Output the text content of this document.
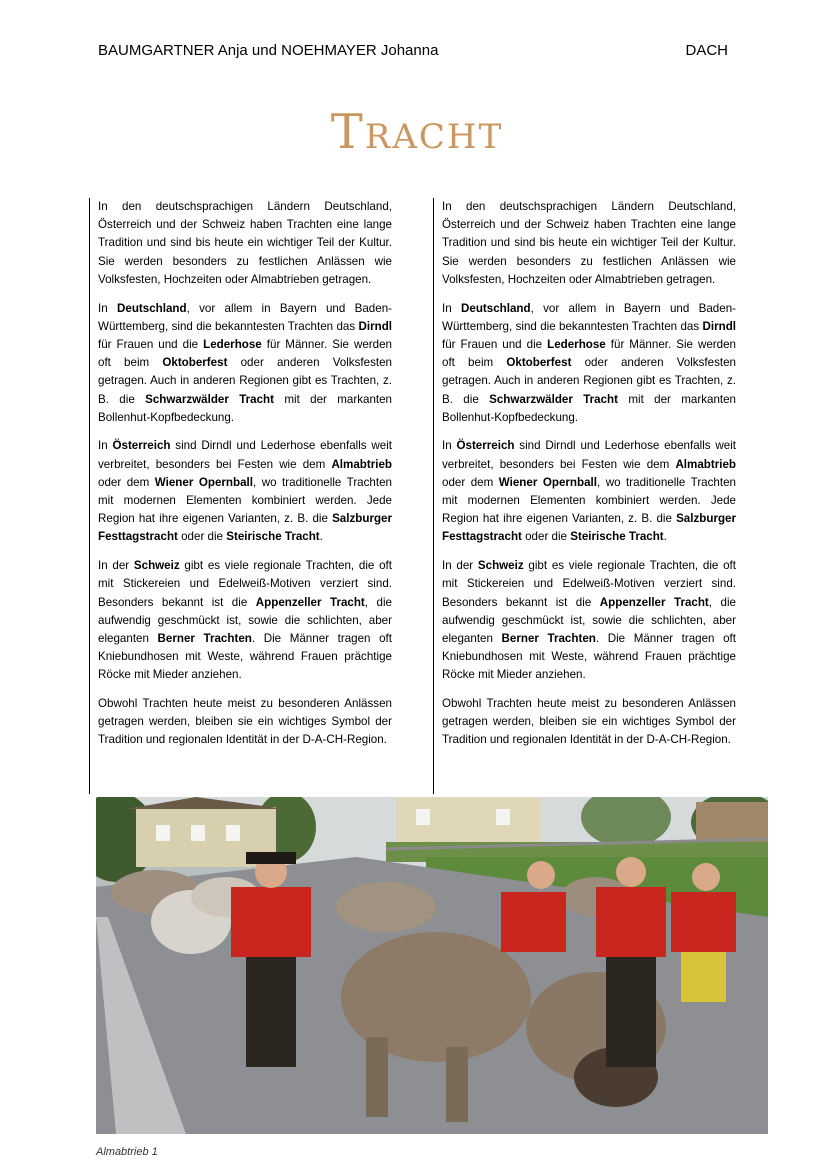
BAUMGARTNER Anja und NOEHMAYER Johanna	DACH
Tracht

In den deutschsprachigen Ländern Deutschland, Österreich und der Schweiz haben Trachten eine lange Tradition und sind bis heute ein wichtiger Teil der Kultur. Sie werden besonders zu festlichen Anlässen wie Volksfesten, Hochzeiten oder Almabtrieben getragen.

In Deutschland, vor allem in Bayern und Baden-Württemberg, sind die bekanntesten Trachten das Dirndl für Frauen und die Lederhose für Männer. Sie werden oft beim Oktoberfest oder anderen Volksfesten getragen. Auch in anderen Regionen gibt es Trachten, z. B. die Schwarzwälder Tracht mit der markanten Bollenhut-Kopfbedeckung.

In Österreich sind Dirndl und Lederhose ebenfalls weit verbreitet, besonders bei Festen wie dem Almabtrieb oder dem Wiener Opernball, wo traditionelle Trachten mit modernen Elementen kombiniert werden. Jede Region hat ihre eigenen Varianten, z. B. die Salzburger Festtagstracht oder die Steirische Tracht.

In der Schweiz gibt es viele regionale Trachten, die oft mit Stickereien und Edelweiß-Motiven verziert sind. Besonders bekannt ist die Appenzeller Tracht, die aufwendig geschmückt ist, sowie die schlichten, aber eleganten Berner Trachten. Die Männer tragen oft Kniebundhosen mit Weste, während Frauen prächtige Röcke mit Mieder anziehen.

Obwohl Trachten heute meist zu besonderen Anlässen getragen werden, bleiben sie ein wichtiges Symbol der Tradition und regionalen Identität in der D-A-CH-Region.

In den deutschsprachigen Ländern Deutschland, Österreich und der Schweiz haben Trachten eine lange Tradition und sind bis heute ein wichtiger Teil der Kultur. Sie werden besonders zu festlichen Anlässen wie Volksfesten, Hochzeiten oder Almabtrieben getragen.

In Deutschland, vor allem in Bayern und Baden-Württemberg, sind die bekanntesten Trachten das Dirndl für Frauen und die Lederhose für Männer. Sie werden oft beim Oktoberfest oder anderen Volksfesten getragen. Auch in anderen Regionen gibt es Trachten, z. B. die Schwarzwälder Tracht mit der markanten Bollenhut-Kopfbedeckung.

In Österreich sind Dirndl und Lederhose ebenfalls weit verbreitet, besonders bei Festen wie dem Almabtrieb oder dem Wiener Opernball, wo traditionelle Trachten mit modernen Elementen kombiniert werden. Jede Region hat ihre eigenen Varianten, z. B. die Salzburger Festtagstracht oder die Steirische Tracht.

In der Schweiz gibt es viele regionale Trachten, die oft mit Stickereien und Edelweiß-Motiven verziert sind. Besonders bekannt ist die Appenzeller Tracht, die aufwendig geschmückt ist, sowie die schlichten, aber eleganten Berner Trachten. Die Männer tragen oft Kniebundhosen mit Weste, während Frauen prächtige Röcke mit Mieder anziehen.

Obwohl Trachten heute meist zu besonderen Anlässen getragen werden, bleiben sie ein wichtiges Symbol der Tradition und regionalen Identität in der D-A-CH-Region.

Almabtrieb 1
